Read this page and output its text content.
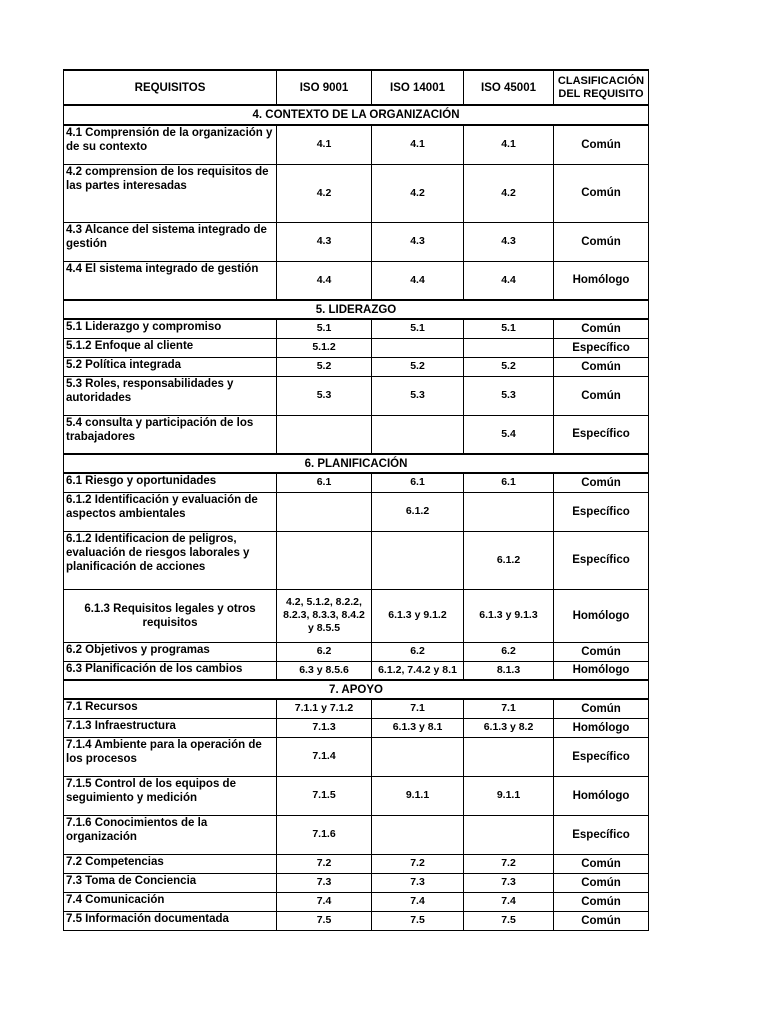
REQUISITOS	ISO 9001	ISO 14001	ISO 45001	CLASIFICACIÓN DEL REQUISITO
4. CONTEXTO DE LA ORGANIZACIÓN				
4.1 Comprensión de la organización y de su contexto	4.1	4.1	4.1	Común
4.2 comprension de los requisitos de las partes interesadas	4.2	4.2	4.2	Común
4.3 Alcance del sistema integrado de gestión	4.3	4.3	4.3	Común
4.4 El sistema integrado de gestión	4.4	4.4	4.4	Homólogo
5. LIDERAZGO				
5.1 Liderazgo y compromiso	5.1	5.1	5.1	Común
5.1.2 Enfoque al cliente	5.1.2			Específico
5.2 Política integrada	5.2	5.2	5.2	Común
5.3 Roles, responsabilidades y autoridades	5.3	5.3	5.3	Común
5.4 consulta y participación de los trabajadores			5.4	Específico
6. PLANIFICACIÓN				
6.1 Riesgo y oportunidades	6.1	6.1	6.1	Común
6.1.2 Identificación y evaluación de aspectos ambientales		6.1.2		Específico
6.1.2 Identificacion de peligros, evaluación de riesgos laborales y planificación de acciones			6.1.2	Específico
6.1.3 Requisitos legales y otros requisitos	4.2, 5.1.2, 8.2.2, 8.2.3, 8.3.3, 8.4.2 y 8.5.5	6.1.3 y 9.1.2	6.1.3 y 9.1.3	Homólogo
6.2 Objetivos y programas	6.2	6.2	6.2	Común
6.3 Planificación de los cambios	6.3 y 8.5.6	6.1.2, 7.4.2 y 8.1	8.1.3	Homólogo
7. APOYO				
7.1 Recursos	7.1.1 y 7.1.2	7.1	7.1	Común
7.1.3 Infraestructura	7.1.3	6.1.3 y 8.1	6.1.3 y 8.2	Homólogo
7.1.4 Ambiente para la operación de los procesos	7.1.4			Específico
7.1.5 Control de los equipos de seguimiento y medición	7.1.5	9.1.1	9.1.1	Homólogo
7.1.6 Conocimientos de la organización	7.1.6			Específico
7.2 Competencias	7.2	7.2	7.2	Común
7.3 Toma de Conciencia	7.3	7.3	7.3	Común
7.4 Comunicación	7.4	7.4	7.4	Común
7.5 Información documentada	7.5	7.5	7.5	Común
